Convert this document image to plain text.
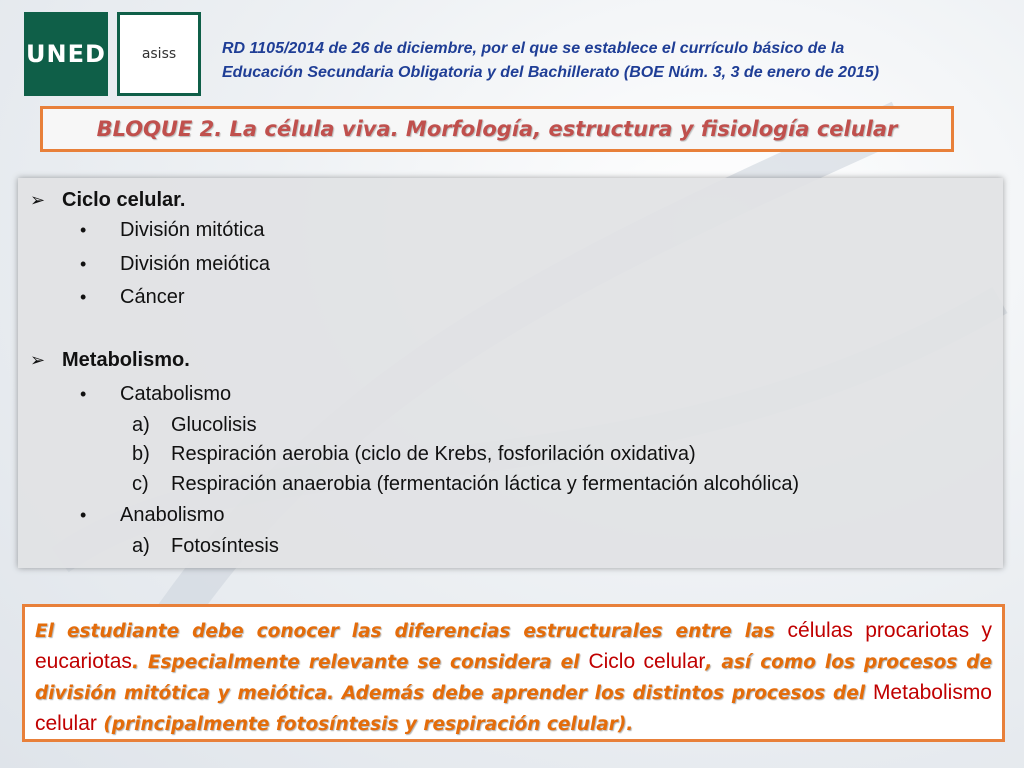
UNED	asiss	RD 1105/2014 de 26 de diciembre, por el que se establece el currículo básico de la
Educación Secundaria Obligatoria y del Bachillerato (BOE Núm. 3, 3 de enero de 2015)
BLOQUE 2. La célula viva. Morfología, estructura y fisiología celular
➢ Ciclo celular.
• División mitótica
• División meiótica
• Cáncer
➢ Metabolismo.
• Catabolismo
a) Glucolisis
b) Respiración aerobia (ciclo de Krebs, fosforilación oxidativa)
c) Respiración anaerobia (fermentación láctica y fermentación alcohólica)
• Anabolismo
a) Fotosíntesis
El estudiante debe conocer las diferencias estructurales entre las células procariotas y eucariotas. Especialmente relevante se considera el Ciclo celular, así como los procesos de división mitótica y meiótica. Además debe aprender los distintos procesos del Metabolismo celular (principalmente fotosíntesis y respiración celular).
